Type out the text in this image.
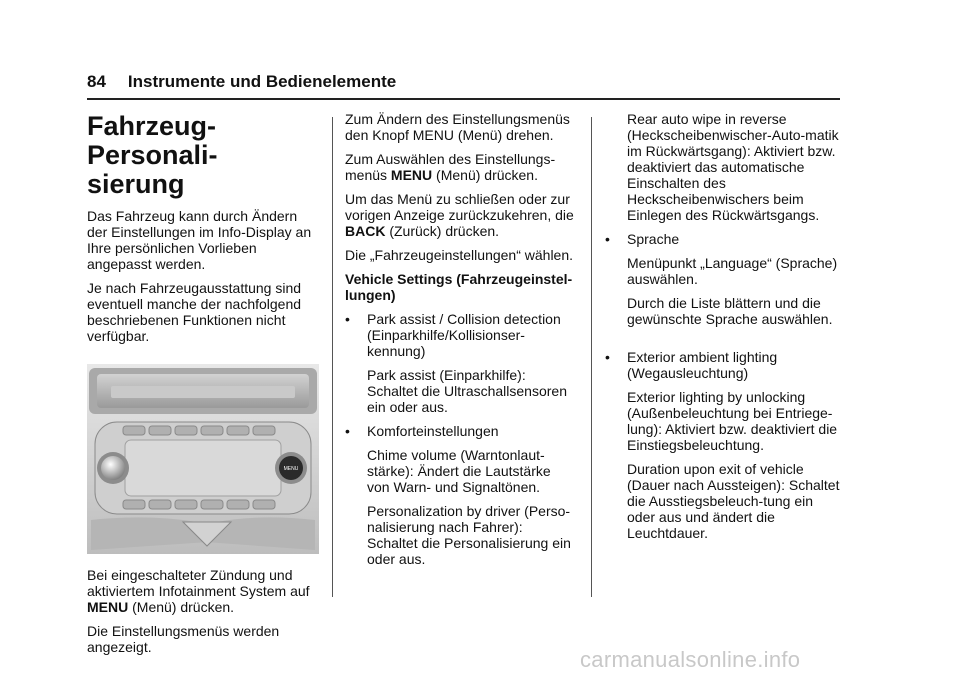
84 Instrumente und Bedienelemente
Fahrzeug-Personali-
sierung

Das Fahrzeug kann durch Ändern der Einstellungen im Info-Display an Ihre persönlichen Vorlieben angepasst werden.

Je nach Fahrzeugausstattung sind eventuell manche der nachfolgend beschriebenen Funktionen nicht verfügbar.

MENU

Bei eingeschalteter Zündung und aktiviertem Infotainment System auf MENU (Menü) drücken.

Die Einstellungsmenüs werden angezeigt.

Zum Ändern des Einstellungsmenüs den Knopf MENU (Menü) drehen.

Zum Auswählen des Einstellungs-menüs MENU (Menü) drücken.

Um das Menü zu schließen oder zur vorigen Anzeige zurückzukehren, die BACK (Zurück) drücken.

Die „Fahrzeugeinstellungen“ wählen.

Vehicle Settings (Fahrzeugeinstel-lungen)

• Park assist / Collision detection (Einparkhilfe/Kollisionser-kennung)

Park assist (Einparkhilfe): Schaltet die Ultraschallsensoren ein oder aus.

• Komforteinstellungen

Chime volume (Warntonlaut-stärke): Ändert die Lautstärke von Warn- und Signaltönen.

Personalization by driver (Perso-nalisierung nach Fahrer): Schaltet die Personalisierung ein oder aus.

Rear auto wipe in reverse (Heckscheibenwischer-Auto-matik im Rückwärtsgang): Aktiviert bzw. deaktiviert das automatische Einschalten des Heckscheibenwischers beim Einlegen des Rückwärtsgangs.

• Sprache

Menüpunkt „Language“ (Sprache) auswählen.

Durch die Liste blättern und die gewünschte Sprache auswählen.

• Exterior ambient lighting (Wegausleuchtung)

Exterior lighting by unlocking (Außenbeleuchtung bei Entriege-lung): Aktiviert bzw. deaktiviert die Einstiegsbeleuchtung.

Duration upon exit of vehicle (Dauer nach Aussteigen): Schaltet die Ausstiegsbeleuch-tung ein oder aus und ändert die Leuchtdauer.

carmanualsonline.info
